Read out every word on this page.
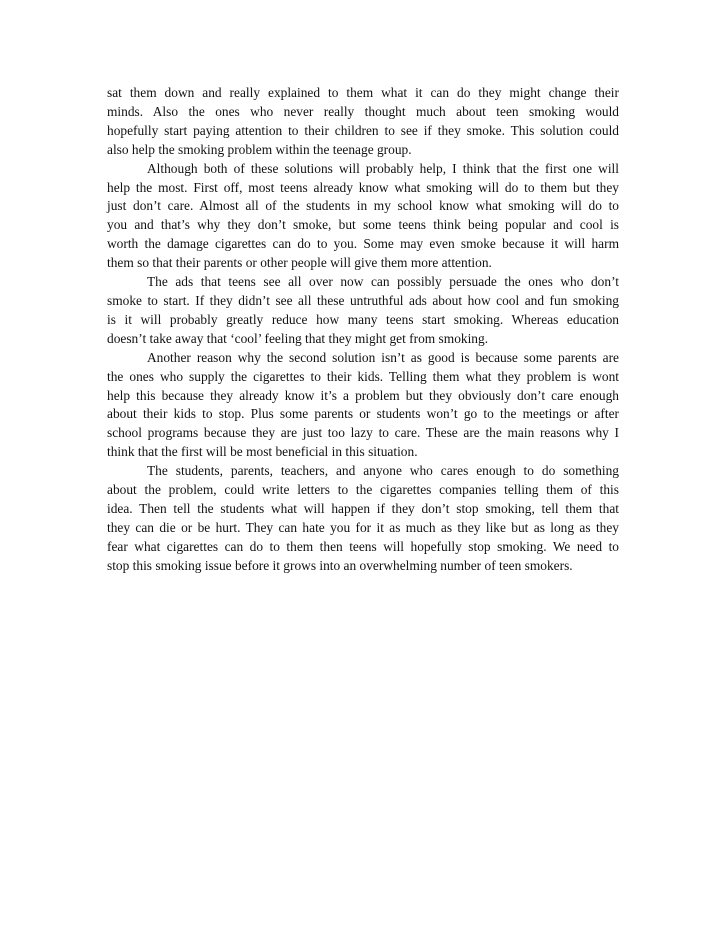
sat them down and really explained to them what it can do they might change their
minds. Also the ones who never really thought much about teen smoking would
hopefully start paying attention to their children to see if they smoke. This solution could
also help the smoking problem within the teenage group.
Although both of these solutions will probably help, I think that the first one will
help the most. First off, most teens already know what smoking will do to them but they
just don’t care. Almost all of the students in my school know what smoking will do to
you and that’s why they don’t smoke, but some teens think being popular and cool is
worth the damage cigarettes can do to you. Some may even smoke because it will harm
them so that their parents or other people will give them more attention.
The ads that teens see all over now can possibly persuade the ones who don’t
smoke to start. If they didn’t see all these untruthful ads about how cool and fun smoking
is it will probably greatly reduce how many teens start smoking. Whereas education
doesn’t take away that ‘cool’ feeling that they might get from smoking.
Another reason why the second solution isn’t as good is because some parents are
the ones who supply the cigarettes to their kids. Telling them what they problem is wont
help this because they already know it’s a problem but they obviously don’t care enough
about their kids to stop. Plus some parents or students won’t go to the meetings or after
school programs because they are just too lazy to care. These are the main reasons why I
think that the first will be most beneficial in this situation.
The students, parents, teachers, and anyone who cares enough to do something
about the problem, could write letters to the cigarettes companies telling them of this
idea. Then tell the students what will happen if they don’t stop smoking, tell them that
they can die or be hurt. They can hate you for it as much as they like but as long as they
fear what cigarettes can do to them then teens will hopefully stop smoking. We need to
stop this smoking issue before it grows into an overwhelming number of teen smokers.
